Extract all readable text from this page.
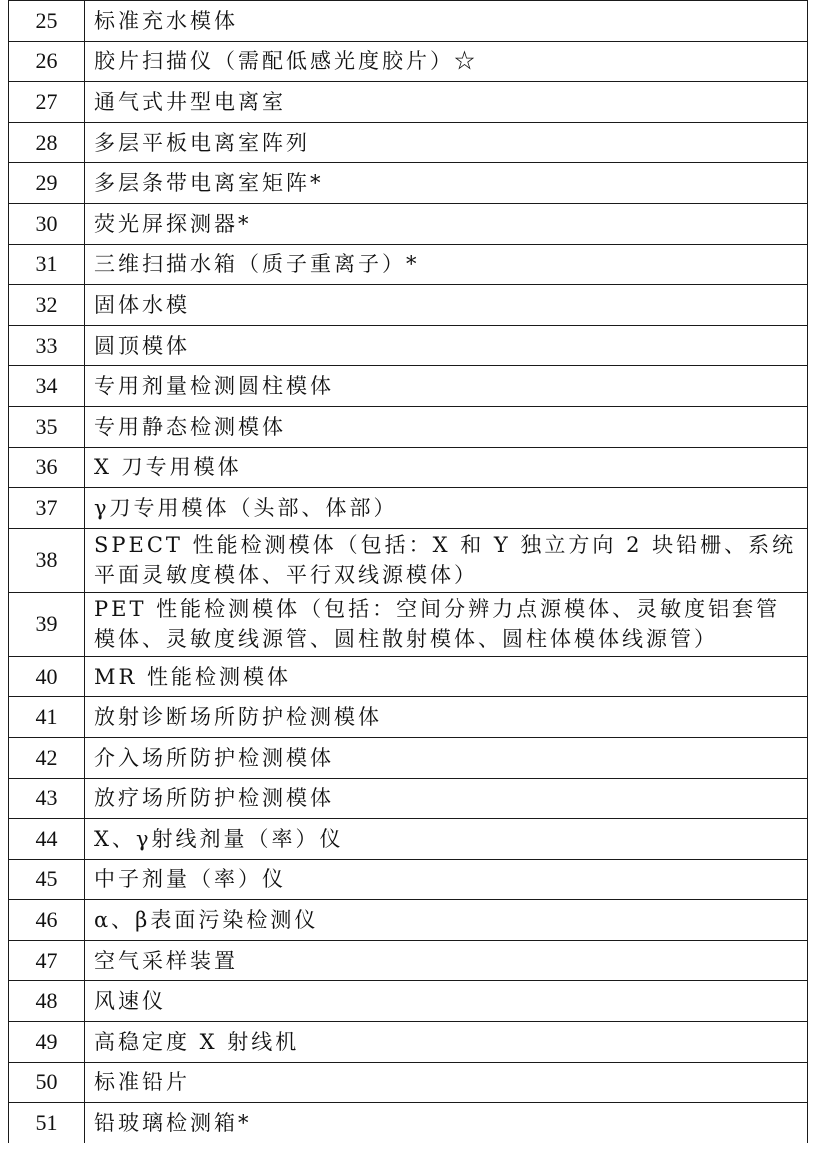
25	标准充水模体
26	胶片扫描仪（需配低感光度胶片）☆
27	通气式井型电离室
28	多层平板电离室阵列
29	多层条带电离室矩阵*
30	荧光屏探测器*
31	三维扫描水箱（质子重离子）*
32	固体水模
33	圆顶模体
34	专用剂量检测圆柱模体
35	专用静态检测模体
36	X 刀专用模体
37	γ刀专用模体（头部、体部）
38	SPECT 性能检测模体（包括：X 和 Y 独立方向 2 块铅栅、系统平面灵敏度模体、平行双线源模体）
39	PET 性能检测模体（包括：空间分辨力点源模体、灵敏度铝套管模体、灵敏度线源管、圆柱散射模体、圆柱体模体线源管）
40	MR 性能检测模体
41	放射诊断场所防护检测模体
42	介入场所防护检测模体
43	放疗场所防护检测模体
44	X、γ射线剂量（率）仪
45	中子剂量（率）仪
46	α、β表面污染检测仪
47	空气采样装置
48	风速仪
49	高稳定度 X 射线机
50	标准铅片
51	铅玻璃检测箱*
